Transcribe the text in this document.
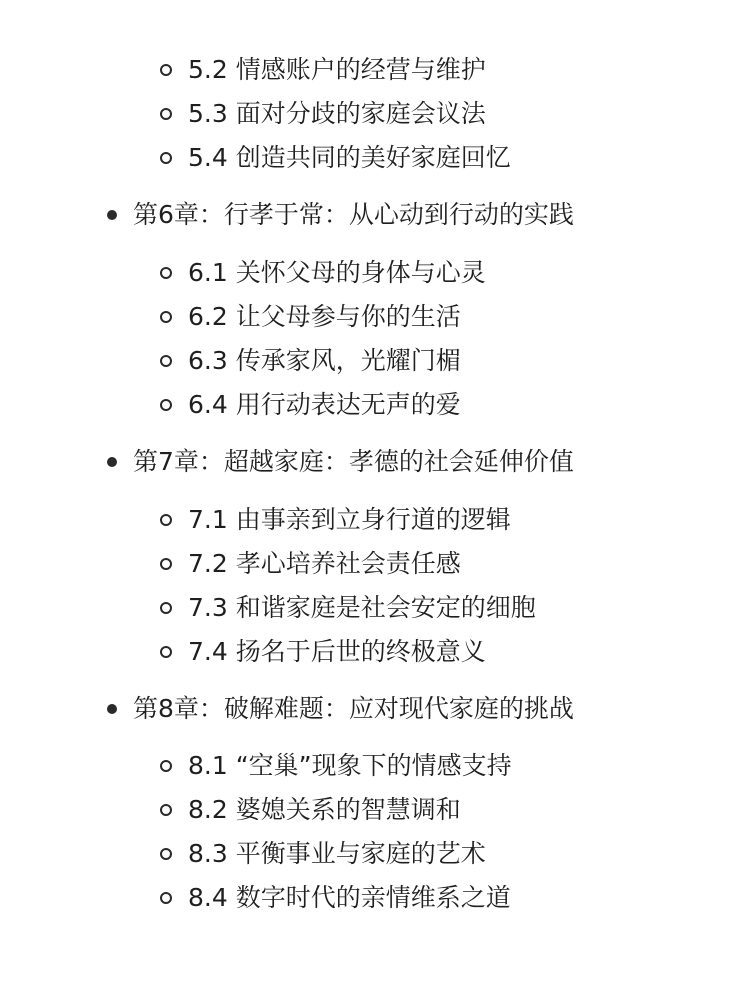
5.2 情感账户的经营与维护
5.3 面对分歧的家庭会议法
5.4 创造共同的美好家庭回忆
第6章：行孝于常：从心动到行动的实践
6.1 关怀父母的身体与心灵
6.2 让父母参与你的生活
6.3 传承家风，光耀门楣
6.4 用行动表达无声的爱
第7章：超越家庭：孝德的社会延伸价值
7.1 由事亲到立身行道的逻辑
7.2 孝心培养社会责任感
7.3 和谐家庭是社会安定的细胞
7.4 扬名于后世的终极意义
第8章：破解难题：应对现代家庭的挑战
8.1 “空巢”现象下的情感支持
8.2 婆媳关系的智慧调和
8.3 平衡事业与家庭的艺术
8.4 数字时代的亲情维系之道
